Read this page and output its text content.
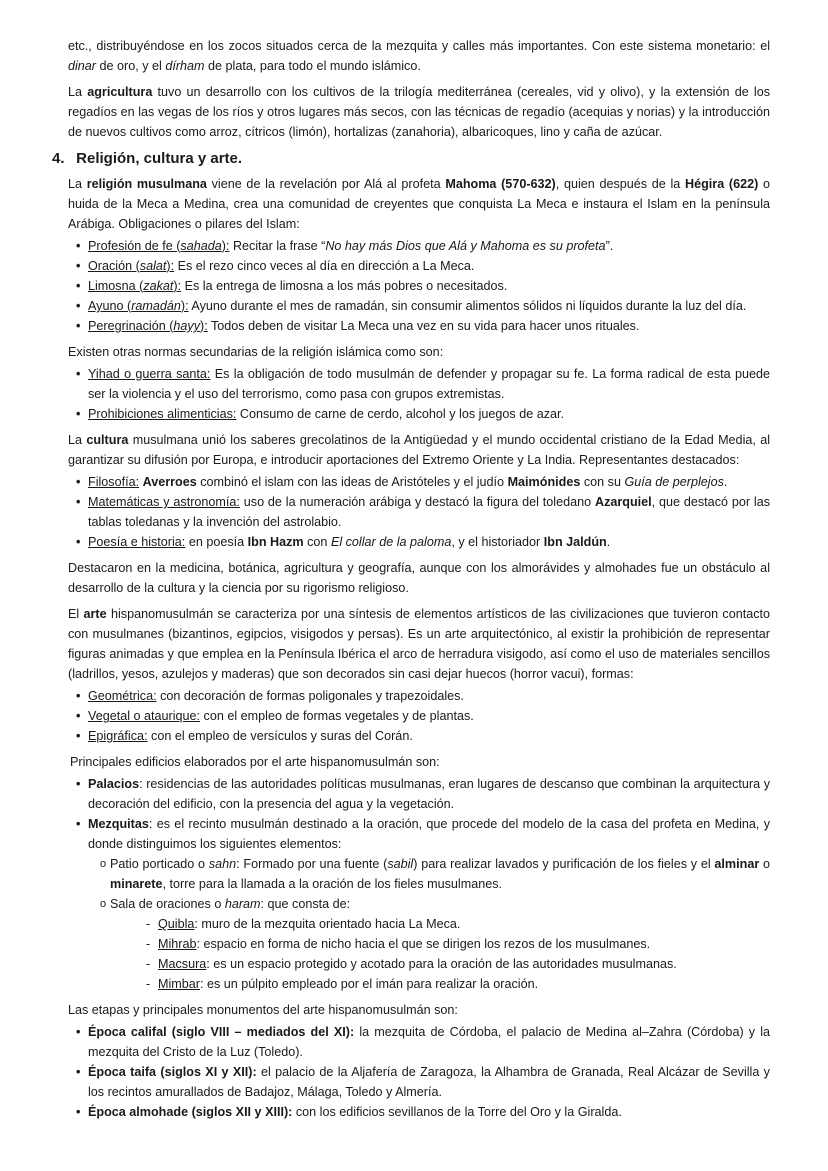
etc., distribuyéndose en los zocos situados cerca de la mezquita y calles más importantes. Con este sistema monetario: el dinar de oro, y el dírham de plata, para todo el mundo islámico.

La agricultura tuvo un desarrollo con los cultivos de la trilogía mediterránea (cereales, vid y olivo), y la extensión de los regadíos en las vegas de los ríos y otros lugares más secos, con las técnicas de regadío (acequias y norias) y la introducción de nuevos cultivos como arroz, cítricos (limón), hortalizas (zanahoria), albaricoques, lino y caña de azúcar.

4. Religión, cultura y arte.

La religión musulmana viene de la revelación por Alá al profeta Mahoma (570-632), quien después de la Hégira (622) o huida de la Meca a Medina, crea una comunidad de creyentes que conquista La Meca e instaura el Islam en la península Arábiga. Obligaciones o pilares del Islam:

• Profesión de fe (sahada): Recitar la frase “No hay más Dios que Alá y Mahoma es su profeta”.
• Oración (salat): Es el rezo cinco veces al día en dirección a La Meca.
• Limosna (zakat): Es la entrega de limosna a los más pobres o necesitados.
• Ayuno (ramadán): Ayuno durante el mes de ramadán, sin consumir alimentos sólidos ni líquidos durante la luz del día.
• Peregrinación (hayy): Todos deben de visitar La Meca una vez en su vida para hacer unos rituales.

Existen otras normas secundarias de la religión islámica como son:

• Yihad o guerra santa: Es la obligación de todo musulmán de defender y propagar su fe. La forma radical de esta puede ser la violencia y el uso del terrorismo, como pasa con grupos extremistas.
• Prohibiciones alimenticias: Consumo de carne de cerdo, alcohol y los juegos de azar.

La cultura musulmana unió los saberes grecolatinos de la Antigüedad y el mundo occidental cristiano de la Edad Media, al garantizar su difusión por Europa, e introducir aportaciones del Extremo Oriente y La India. Representantes destacados:

• Filosofía: Averroes combinó el islam con las ideas de Aristóteles y el judío Maimónides con su Guía de perplejos.
• Matemáticas y astronomía: uso de la numeración arábiga y destacó la figura del toledano Azarquiel, que destacó por las tablas toledanas y la invención del astrolabio.
• Poesía e historia: en poesía Ibn Hazm con El collar de la paloma, y el historiador Ibn Jaldún.

Destacaron en la medicina, botánica, agricultura y geografía, aunque con los almorávides y almohades fue un obstáculo al desarrollo de la cultura y la ciencia por su rigorismo religioso.

El arte hispanomusulmán se caracteriza por una síntesis de elementos artísticos de las civilizaciones que tuvieron contacto con musulmanes (bizantinos, egipcios, visigodos y persas). Es un arte arquitectónico, al existir la prohibición de representar figuras animadas y que emplea en la Península Ibérica el arco de herradura visigodo, así como el uso de materiales sencillos (ladrillos, yesos, azulejos y maderas) que son decorados sin casi dejar huecos (horror vacui), formas:

• Geométrica: con decoración de formas poligonales y trapezoidales.
• Vegetal o ataurique: con el empleo de formas vegetales y de plantas.
• Epigráfica: con el empleo de versículos y suras del Corán.

Principales edificios elaborados por el arte hispanomusulmán son:

• Palacios: residencias de las autoridades políticas musulmanas, eran lugares de descanso que combinan la arquitectura y decoración del edificio, con la presencia del agua y la vegetación.
• Mezquitas: es el recinto musulmán destinado a la oración, que procede del modelo de la casa del profeta en Medina, y donde distinguimos los siguientes elementos:
o Patio porticado o sahn: Formado por una fuente (sabil) para realizar lavados y purificación de los fieles y el alminar o minarete, torre para la llamada a la oración de los fieles musulmanes.
o Sala de oraciones o haram: que consta de:
- Quibla: muro de la mezquita orientado hacia La Meca.
- Mihrab: espacio en forma de nicho hacia el que se dirigen los rezos de los musulmanes.
- Macsura: es un espacio protegido y acotado para la oración de las autoridades musulmanas.
- Mimbar: es un púlpito empleado por el imán para realizar la oración.

Las etapas y principales monumentos del arte hispanomusulmán son:

• Época califal (siglo VIII – mediados del XI): la mezquita de Córdoba, el palacio de Medina al–Zahra (Córdoba) y la mezquita del Cristo de la Luz (Toledo).
• Época taifa (siglos XI y XII): el palacio de la Aljafería de Zaragoza, la Alhambra de Granada, Real Alcázar de Sevilla y los recintos amurallados de Badajoz, Málaga, Toledo y Almería.
• Época almohade (siglos XII y XIII): con los edificios sevillanos de la Torre del Oro y la Giralda.
